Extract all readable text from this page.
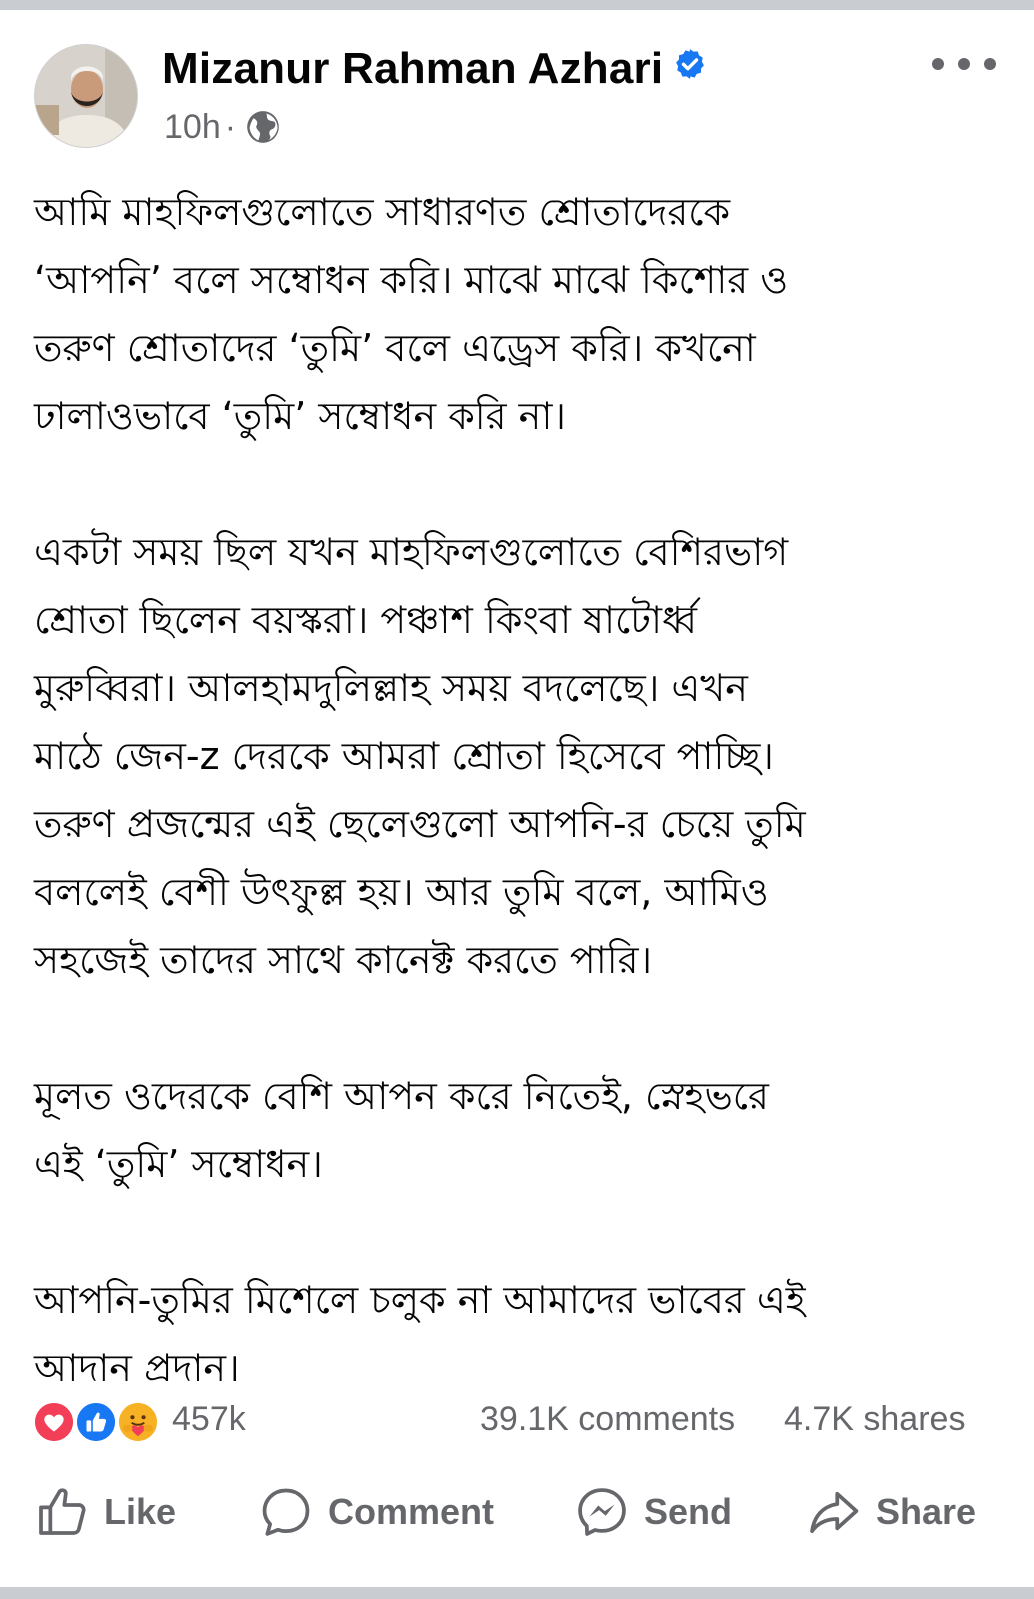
Mizanur Rahman Azhari
10h ·
আমি মাহফিলগুলোতে সাধারণত শ্রোতাদেরকে
‘আপনি’ বলে সম্বোধন করি। মাঝে মাঝে কিশোর ও
তরুণ শ্রোতাদের ‘তুমি’ বলে এড্রেস করি। কখনো
ঢালাওভাবে ‘তুমি’ সম্বোধন করি না।
একটা সময় ছিল যখন মাহফিলগুলোতে বেশিরভাগ
শ্রোতা ছিলেন বয়স্করা। পঞ্চাশ কিংবা ষাটোর্ধ্ব
মুরুব্বিরা। আলহামদুলিল্লাহ সময় বদলেছে। এখন
মাঠে জেন-z দেরকে আমরা শ্রোতা হিসেবে পাচ্ছি।
তরুণ প্রজন্মের এই ছেলেগুলো আপনি-র চেয়ে তুমি
বললেই বেশী উৎফুল্ল হয়। আর তুমি বলে, আমিও
সহজেই তাদের সাথে কানেক্ট করতে পারি।
মূলত ওদেরকে বেশি আপন করে নিতেই, স্নেহভরে
এই ‘তুমি’ সম্বোধন।
আপনি-তুমির মিশেলে চলুক না আমাদের ভাবের এই
আদান প্রদান।
457k	39.1K comments 4.7K shares
Like	Comment	Send	Share
